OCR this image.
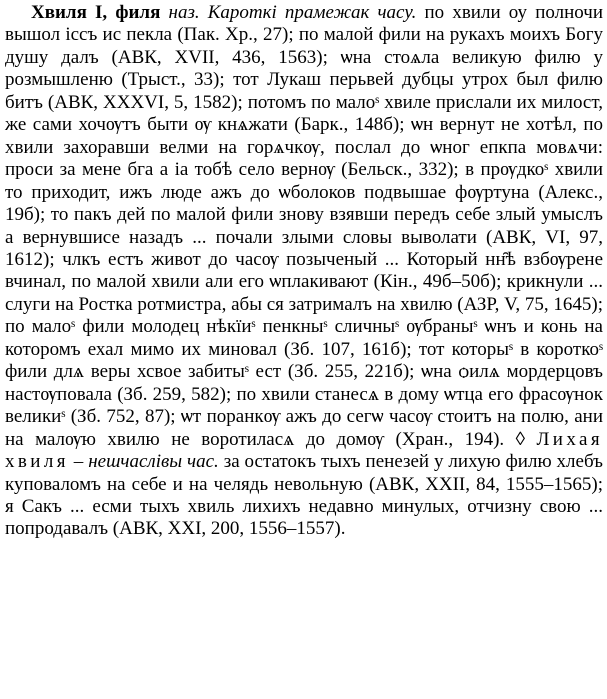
Хвиля I, филя наз. Кароткі прамежак часу. по хвили оу полночи вышол іссъ ис пекла (Пак. Хр., 27); по малой фили на рукахъ моихъ Богу душу далъ (АВК, XVII, 436, 1563); ѡна стоѧла великую филю у розмышленю (Трыст., 33); тот Лукаш перьвей дубцы утрох был филю битъ (АВК, XXXVI, 5, 1582); потомъ по малоˢ хвиле прислали их милост, же сами хочѹтъ быти ѹ кнѧжати (Барк., 148б); ѡн вернут не хотѣл, по хвили захоравши велми на горѧчкѹ, послал до ѡног епкпа мовѧчи: проси за мене бга а іа тобѣ село вернѹ (Бельск., 332); в прѹдкоˢ хвили то приходит, ижъ люде ажъ до ѡболоков подвышае фѹртуна (Алекс., 19б); то пакъ дей по малой фили знову взявши передъ себе злый умыслъ а вернувшисе назадъ ... почали злыми словы выволати (АВК, VI, 97, 1612); члкъ естъ живот до часѹ позыченый ... Который нн̑ѣ взбѹрене вчинал, по малой хвили али его ѡплакивают (Кін., 49б–50б); крикнули ... слуги на Ростка ротмистра, абы ся затрималъ на хвилю (АЗР, V, 75, 1645); по малоˢ фили молодец нѣкїиˢ пенкныˢ сличныˢ ѹбраныˢ ѡнъ и конь на которомъ ехал мимо их миновал (Зб. 107, 161б); тот которыˢ в короткоˢ фили длѧ веры хсвое забитыˢ ест (Зб. 255, 221б); ѡна ѻилѧ мордерцовъ настѹповала (Зб. 259, 582); по хвили станесѧ в дому ѡтца его фрасѹнок великиˢ (Зб. 752, 87); ѡт поранкѹ ажъ до сегѡ часѹ стоитъ на полю, ани на малѹю хвилю не воротиласѧ до домѹ (Хран., 194). ◊ Лихая хвиля – нешчаслівы час. за остатокъ тыхъ пенезей у лихую филю хлебъ куповаломъ на себе и на челядь невольную (АВК, XXII, 84, 1555–1565); я Сакъ ... есми тыхъ хвиль лихихъ недавно минулых, отчизну свою ... попродавалъ (АВК, XXI, 200, 1556–1557).
